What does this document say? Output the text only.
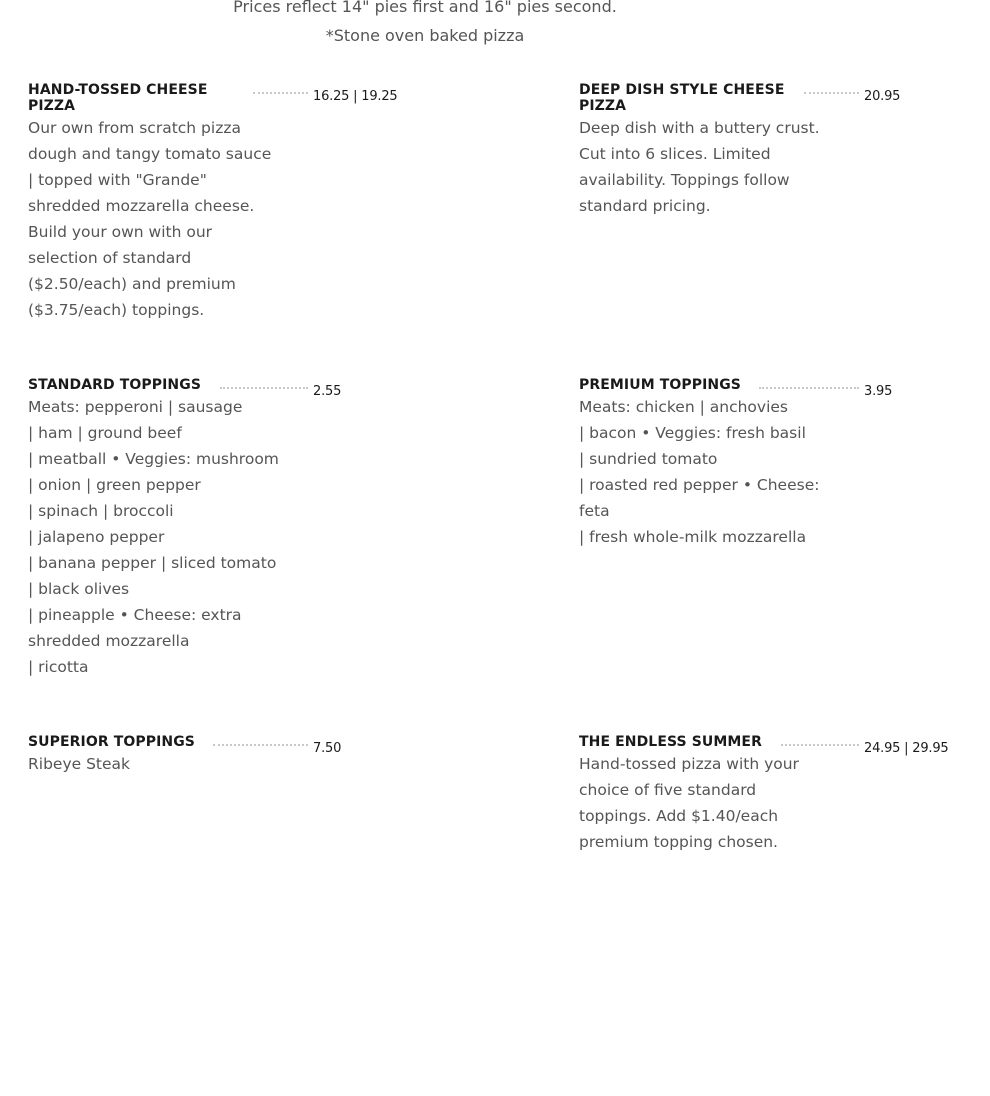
Prices reflect 14" pies first and 16" pies second.
*Stone oven baked pizza
HAND-TOSSED CHEESE
PIZZA
16.25 | 19.25
Our own from scratch pizza
dough and tangy tomato sauce
| topped with "Grande"
shredded mozzarella cheese.
Build your own with our
selection of standard
($2.50/each) and premium
($3.75/each) toppings.
DEEP DISH STYLE CHEESE
PIZZA
20.95
Deep dish with a buttery crust.
Cut into 6 slices. Limited
availability. Toppings follow
standard pricing.
STANDARD TOPPINGS	2.55
Meats: pepperoni | sausage
| ham | ground beef
| meatball • Veggies: mushroom
| onion | green pepper
| spinach | broccoli
| jalapeno pepper
| banana pepper | sliced tomato
| black olives
| pineapple • Cheese: extra
shredded mozzarella
| ricotta
PREMIUM TOPPINGS	3.95
Meats: chicken | anchovies
| bacon • Veggies: fresh basil
| sundried tomato
| roasted red pepper • Cheese:
feta
| fresh whole-milk mozzarella
SUPERIOR TOPPINGS	7.50
Ribeye Steak
THE ENDLESS SUMMER	24.95 | 29.95
Hand-tossed pizza with your
choice of five standard
toppings. Add $1.40/each
premium topping chosen.
